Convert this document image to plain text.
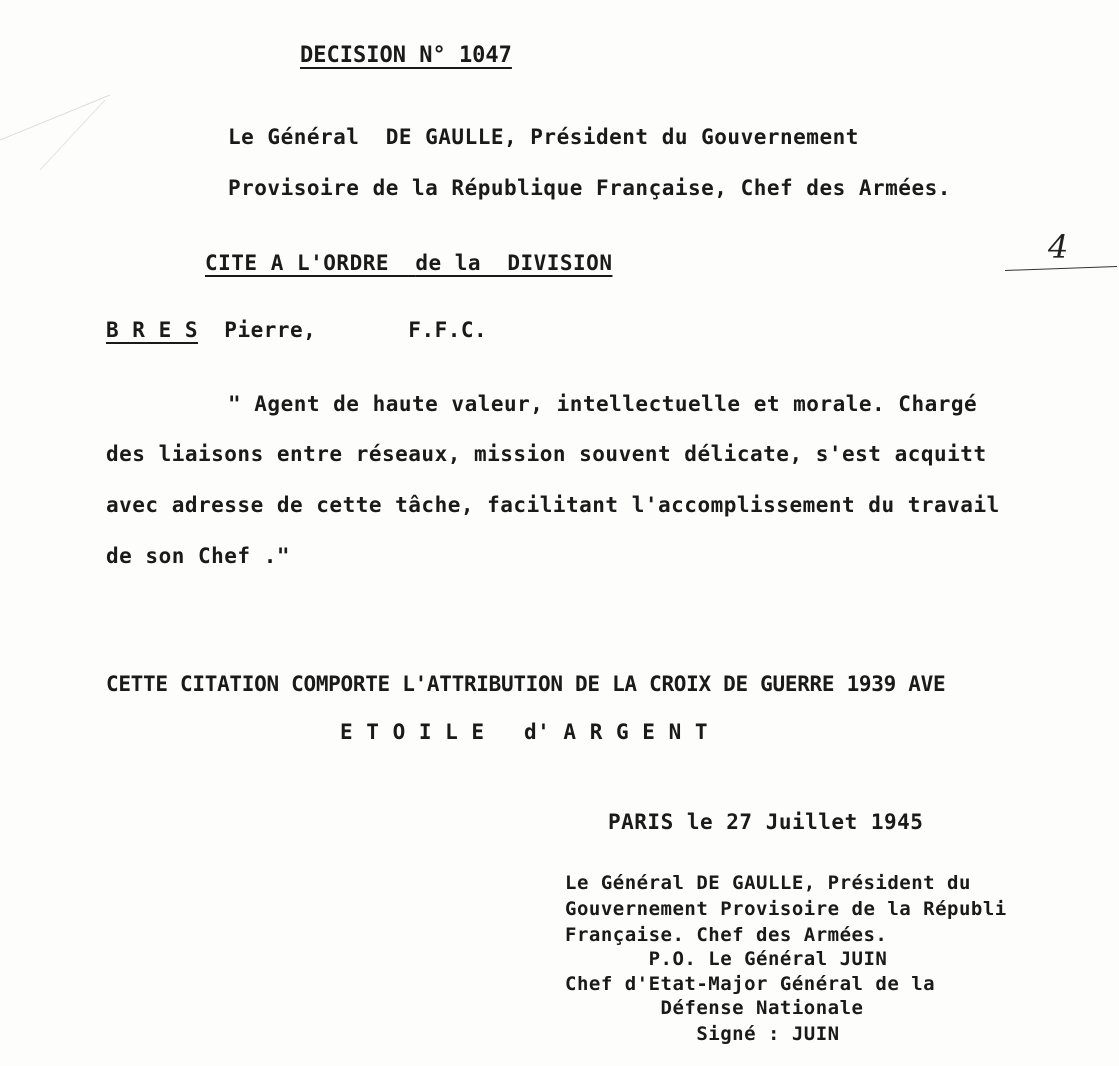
DECISION N° 1047
Le Général  DE GAULLE, Président du Gouvernement
Provisoire de la République Française, Chef des Armées.
CITE A L'ORDRE de la  DIVISION	4
B R E S  Pierre,       F.F.C.
" Agent de haute valeur, intellectuelle et morale. Chargé
des liaisons entre réseaux, mission souvent délicate, s'est acquitt
avec adresse de cette tâche, facilitant l'accomplissement du travail
de son Chef ."
CETTE CITATION COMPORTE L'ATTRIBUTION DE LA CROIX DE GUERRE 1939 AVE
E T O I L E   d' A R G E N T
PARIS le 27 Juillet 1945
Le Général DE GAULLE, Président du
Gouvernement Provisoire de la Républi
Française. Chef des Armées.
P.O. Le Général JUIN
Chef d'Etat-Major Général de la
Défense Nationale
Signé : JUIN
